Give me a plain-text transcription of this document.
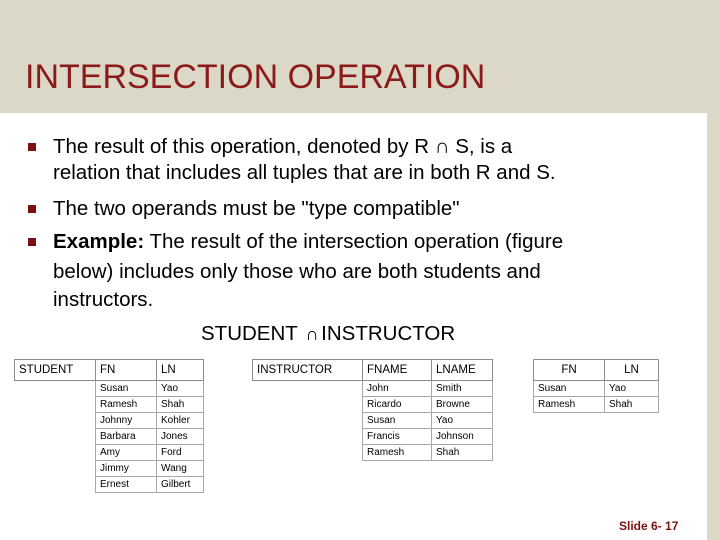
INTERSECTION OPERATION
The result of this operation, denoted by R ∩ S, is a
relation that includes all tuples that are in both R and S.
The two operands must be "type compatible"
Example: The result of the intersection operation (figure
below) includes only those who are both students and
instructors.
STUDENT ∩ INSTRUCTOR
STUDENT	FN	LN
	Susan	Yao
	Ramesh	Shah
	Johnny	Kohler
	Barbara	Jones
	Amy	Ford
	Jimmy	Wang
	Ernest	Gilbert
INSTRUCTOR	FNAME	LNAME
	John	Smith
	Ricardo	Browne
	Susan	Yao
	Francis	Johnson
	Ramesh	Shah
FN	LN
Susan	Yao
Ramesh	Shah
Slide 6- 17
